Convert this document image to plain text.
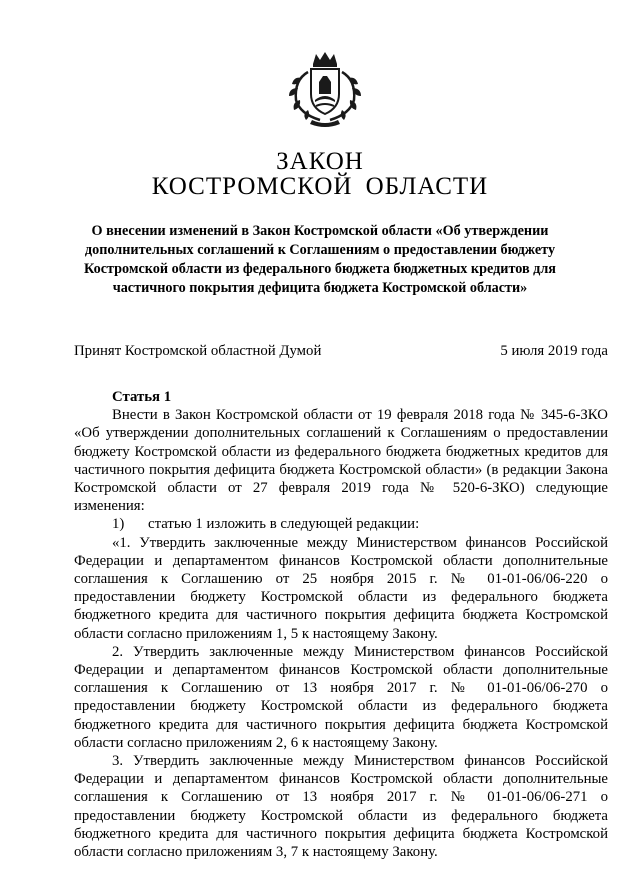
ЗАКОН
КОСТРОМСКОЙ ОБЛАСТИ
О внесении изменений в Закон Костромской области «Об утверждении дополнительных соглашений к Соглашениям о предоставлении бюджету Костромской области из федерального бюджета бюджетных кредитов для частичного покрытия дефицита бюджета Костромской области»
Принят Костромской областной Думой	5 июля 2019 года
Статья 1

Внести в Закон Костромской области от 19 февраля 2018 года № 345-6-ЗКО «Об утверждении дополнительных соглашений к Соглашениям о предоставлении бюджету Костромской области из федерального бюджета бюджетных кредитов для частичного покрытия дефицита бюджета Костромской области» (в редакции Закона Костромской области от 27 февраля 2019 года № 520-6-ЗКО) следующие изменения:

1)	статью 1 изложить в следующей редакции:

«1. Утвердить заключенные между Министерством финансов Российской Федерации и департаментом финансов Костромской области дополнительные соглашения к Соглашению от 25 ноября 2015 г. № 01-01-06/06-220 о предоставлении бюджету Костромской области из федерального бюджета бюджетного кредита для частичного покрытия дефицита бюджета Костромской области согласно приложениям 1, 5 к настоящему Закону.

2. Утвердить заключенные между Министерством финансов Российской Федерации и департаментом финансов Костромской области дополнительные соглашения к Соглашению от 13 ноября 2017 г. № 01-01-06/06-270 о предоставлении бюджету Костромской области из федерального бюджета бюджетного кредита для частичного покрытия дефицита бюджета Костромской области согласно приложениям 2, 6 к настоящему Закону.

3. Утвердить заключенные между Министерством финансов Российской Федерации и департаментом финансов Костромской области дополнительные соглашения к Соглашению от 13 ноября 2017 г. № 01-01-06/06-271 о предоставлении бюджету Костромской области из федерального бюджета бюджетного кредита для частичного покрытия дефицита бюджета Костромской области согласно приложениям 3, 7 к настоящему Закону.
